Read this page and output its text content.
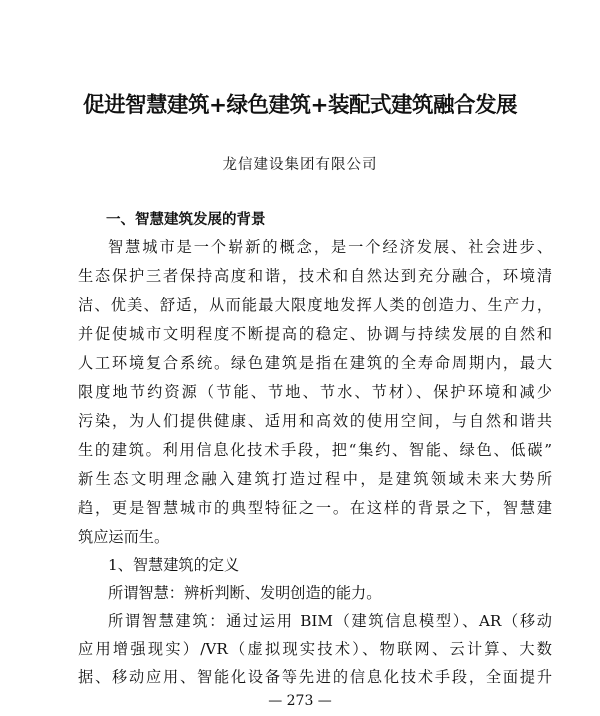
促进智慧建筑+绿色建筑+装配式建筑融合发展
龙信建设集团有限公司
一、智慧建筑发展的背景
智慧城市是一个崭新的概念，是一个经济发展、社会进步、
生态保护三者保持高度和谐，技术和自然达到充分融合，环境清
洁、优美、舒适，从而能最大限度地发挥人类的创造力、生产力，
并促使城市文明程度不断提高的稳定、协调与持续发展的自然和
人工环境复合系统。绿色建筑是指在建筑的全寿命周期内，最大
限度地节约资源（节能、节地、节水、节材）、保护环境和减少
污染，为人们提供健康、适用和高效的使用空间，与自然和谐共
生的建筑。利用信息化技术手段，把“集约、智能、绿色、低碳”
新生态文明理念融入建筑打造过程中，是建筑领域未来大势所
趋，更是智慧城市的典型特征之一。在这样的背景之下，智慧建
筑应运而生。
1、智慧建筑的定义
所谓智慧：辨析判断、发明创造的能力。
所谓智慧建筑：通过运用 BIM（建筑信息模型）、AR（移动
应用增强现实）/VR（虚拟现实技术）、物联网、云计算、大数
据、移动应用、智能化设备等先进的信息化技术手段，全面提升
— 273 —
